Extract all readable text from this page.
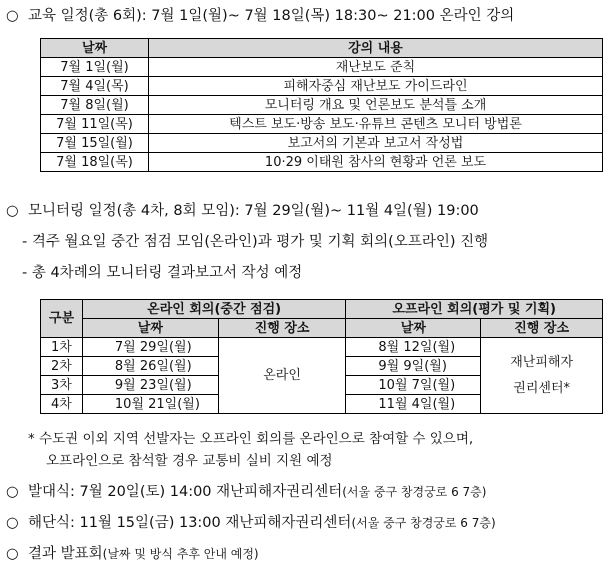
○ 교육 일정(총 6회): 7월 1일(월)~ 7월 18일(목) 18:30~ 21:00 온라인 강의
날짜	강의 내용
7월 1일(월)	재난보도 준칙
7월 4일(목)	피해자중심 재난보도 가이드라인
7월 8일(월)	모니터링 개요 및 언론보도 분석틀 소개
7월 11일(목)	텍스트 보도·방송 보도·유튜브 콘텐츠 모니터 방법론
7월 15일(월)	보고서의 기본과 보고서 작성법
7월 18일(목)	10·29 이태원 참사의 현황과 언론 보도
○ 모니터링 일정(총 4차, 8회 모임): 7월 29일(월)~ 11월 4일(월) 19:00
- 격주 월요일 중간 점검 모임(온라인)과 평가 및 기획 회의(오프라인) 진행
- 총 4차례의 모니터링 결과보고서 작성 예정
구분	온라인 회의(중간 점검)		오프라인 회의(평가 및 기획)	
	날짜	진행 장소	날짜	진행 장소
1차	7월 29일(월)	온라인	8월 12일(월)	재난피해자
권리센터*

2차	8월 26일(월)		9월 9일(월)	
3차	9월 23일(월)		10월 7일(월)	
4차	10월 21일(월)		11월 4일(월)	
* 수도권 이외 지역 선발자는 오프라인 회의를 온라인으로 참여할 수 있으며,
오프라인으로 참석할 경우 교통비 실비 지원 예정
○ 발대식: 7월 20일(토) 14:00 재난피해자권리센터(서울 중구 창경궁로 6 7층)
○ 해단식: 11월 15일(금) 13:00 재난피해자권리센터(서울 중구 창경궁로 6 7층)
○ 결과 발표회(날짜 및 방식 추후 안내 예정)
